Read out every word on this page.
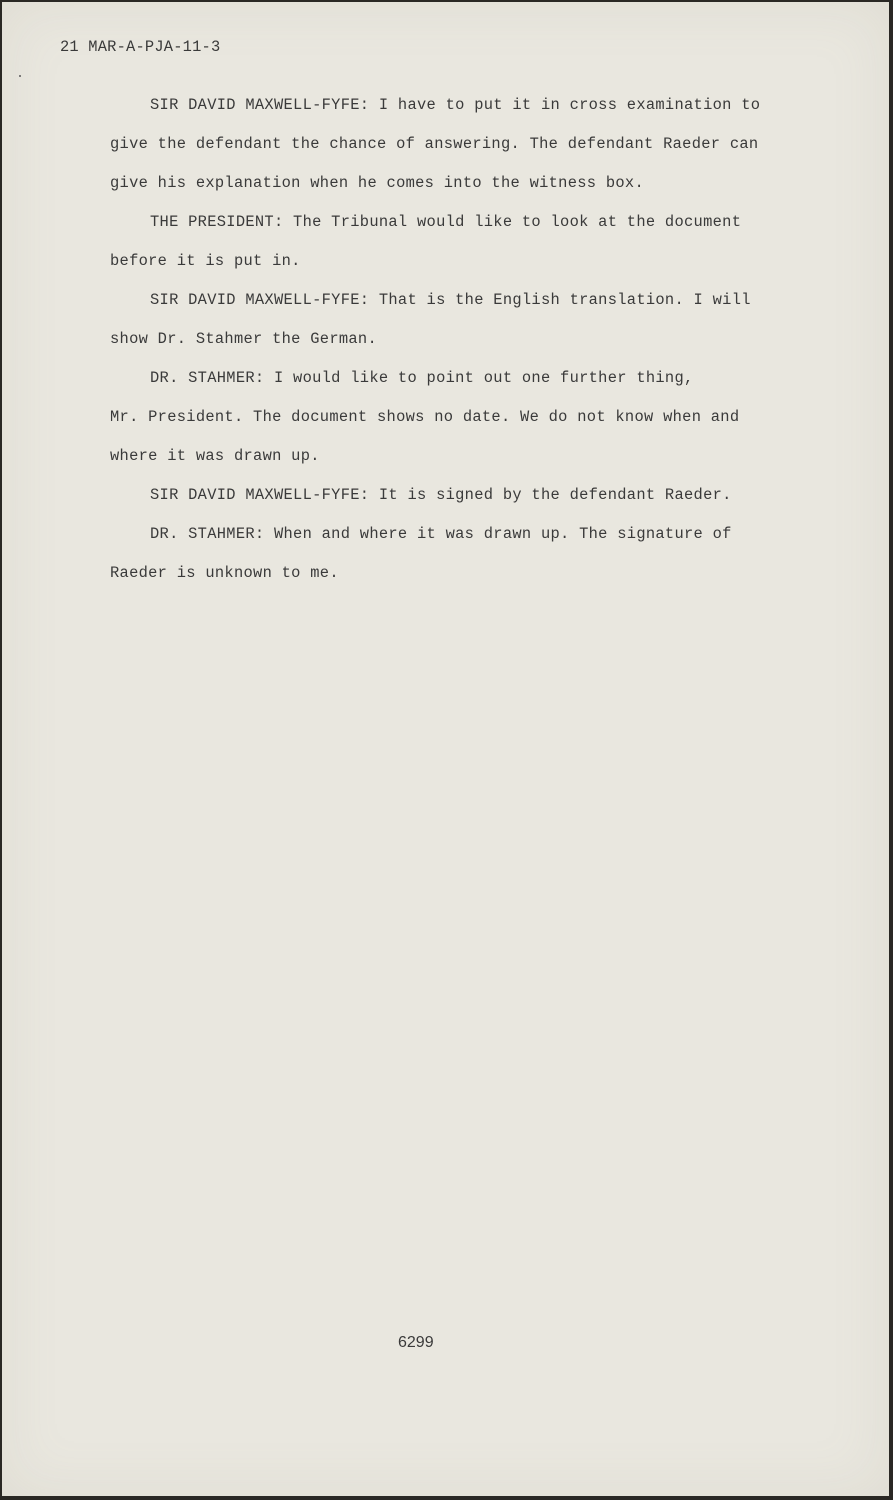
21 MAR-A-PJA-11-3
SIR DAVID MAXWELL-FYFE: I have to put it in cross examination to
give the defendant the chance of answering. The defendant Raeder can
give his explanation when he comes into the witness box.
THE PRESIDENT: The Tribunal would like to look at the document
before it is put in.
SIR DAVID MAXWELL-FYFE: That is the English translation. I will
show Dr. Stahmer the German.
DR. STAHMER: I would like to point out one further thing,
Mr. President. The document shows no date. We do not know when and
where it was drawn up.
SIR DAVID MAXWELL-FYFE: It is signed by the defendant Raeder.
DR. STAHMER: When and where it was drawn up. The signature of
Raeder is unknown to me.
6299
